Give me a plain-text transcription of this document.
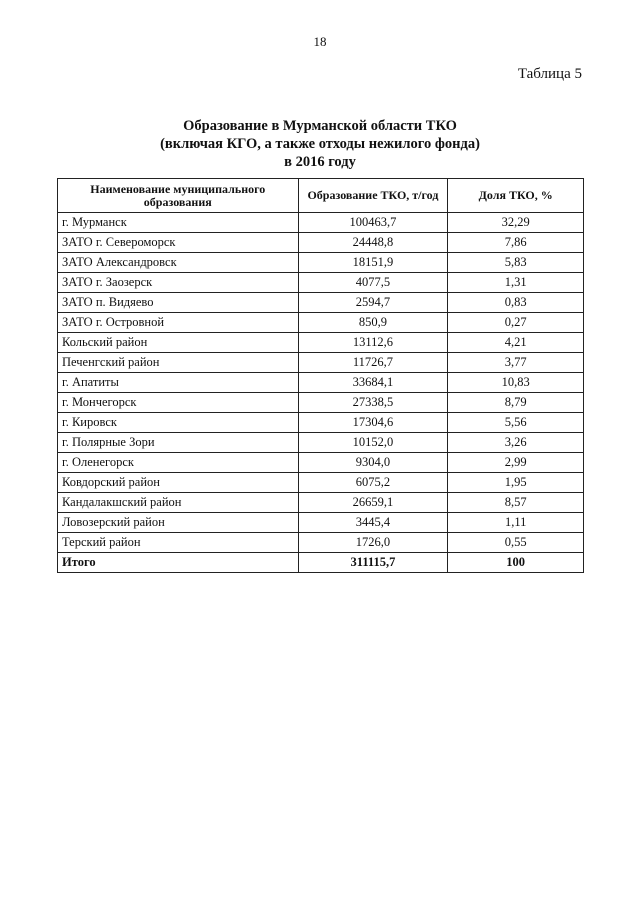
18
Таблица 5
Образование в Мурманской области ТКО
(включая КГО, а также отходы нежилого фонда)
в 2016 году
Наименование муниципального образования	Образование ТКО, т/год	Доля ТКО, %
г. Мурманск	100463,7	32,29
ЗАТО г. Североморск	24448,8	7,86
ЗАТО Александровск	18151,9	5,83
ЗАТО г. Заозерск	4077,5	1,31
ЗАТО п. Видяево	2594,7	0,83
ЗАТО г. Островной	850,9	0,27
Кольский район	13112,6	4,21
Печенгский район	11726,7	3,77
г. Апатиты	33684,1	10,83
г. Мончегорск	27338,5	8,79
г. Кировск	17304,6	5,56
г. Полярные Зори	10152,0	3,26
г. Оленегорск	9304,0	2,99
Ковдорский район	6075,2	1,95
Кандалакшский район	26659,1	8,57
Ловозерский район	3445,4	1,11
Терский район	1726,0	0,55
Итого	311115,7	100
